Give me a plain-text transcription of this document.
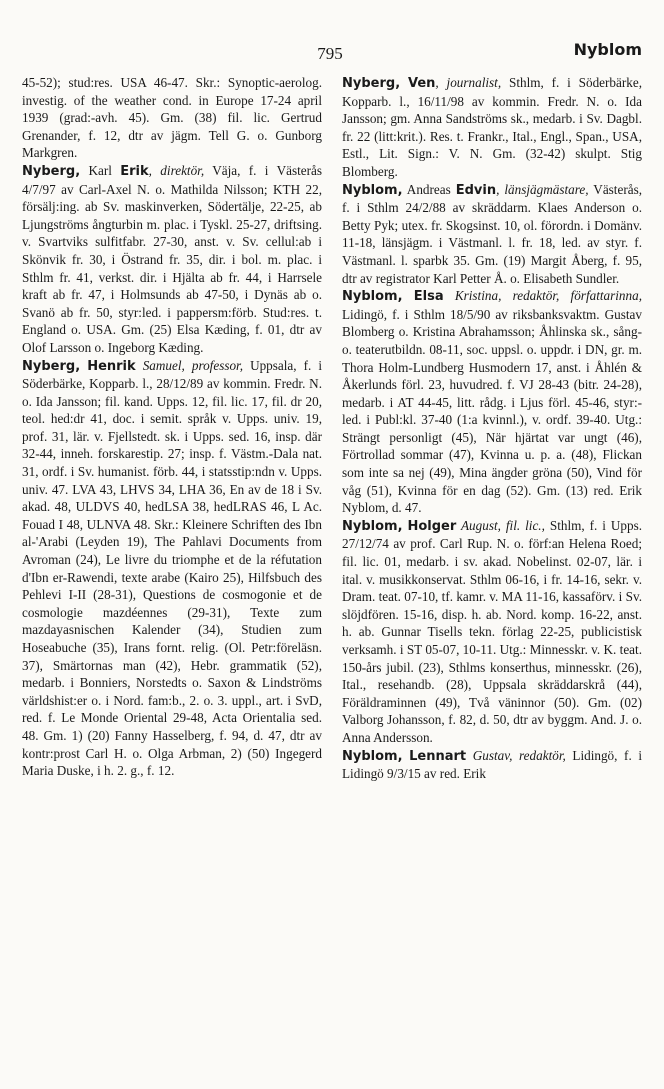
795	Nyblom

45-52); stud:res. USA 46-47. Skr.: Synoptic-aerolog. investig. of the weather cond. in Europe 17-24 april 1939 (grad:-avh. 45). Gm. (38) fil. lic. Gertrud Grenander, f. 12, dtr av jägm. Tell G. o. Gunborg Markgren.

Nyberg, Karl Erik, direktör, Väja, f. i Västerås 4/7/97 av Carl-Axel N. o. Mathilda Nilsson; KTH 22, försälj:ing. ab Sv. maskinverken, Södertälje, 22-25, ab Ljungströms ångturbin m. plac. i Tyskl. 25-27, driftsing. v. Svartviks sulfitfabr. 27-30, anst. v. Sv. cellul:ab i Skönvik fr. 30, i Östrand fr. 35, dir. i bol. m. plac. i Sthlm fr. 41, verkst. dir. i Hjälta ab fr. 44, i Harrsele kraft ab fr. 47, i Holmsunds ab 47-50, i Dynäs ab o. Svanö ab fr. 50, styr:led. i pappersm:förb. Stud:res. t. England o. USA. Gm. (25) Elsa Kæding, f. 01, dtr av Olof Larsson o. Ingeborg Kæding.

Nyberg, Henrik Samuel, professor, Uppsala, f. i Söderbärke, Kopparb. l., 28/12/89 av kommin. Fredr. N. o. Ida Jansson; fil. kand. Upps. 12, fil. lic. 17, fil. dr 20, teol. hed:dr 41, doc. i semit. språk v. Upps. univ. 19, prof. 31, lär. v. Fjellstedt. sk. i Upps. sed. 16, insp. där 32-44, inneh. forskarestip. 27; insp. f. Västm.-Dala nat. 31, ordf. i Sv. humanist. förb. 44, i statsstip:ndn v. Upps. univ. 47. LVA 43, LHVS 34, LHA 36, En av de 18 i Sv. akad. 48, ULDVS 40, hedLSA 38, hedLRAS 46, L Ac. Fouad I 48, ULNVA 48. Skr.: Kleinere Schriften des Ibn al-'Arabi (Leyden 19), The Pahlavi Documents from Avroman (24), Le livre du triomphe et de la réfutation d'Ibn er-Rawendi, texte arabe (Kairo 25), Hilfsbuch des Pehlevi I-II (28-31), Questions de cosmogonie et de cosmologie mazdéennes (29-31), Texte zum mazdayasnischen Kalender (34), Studien zum Hoseabuche (35), Irans fornt. relig. (Ol. Petr:föreläsn. 37), Smärtornas man (42), Hebr. grammatik (52), medarb. i Bonniers, Norstedts o. Saxon & Lindströms världshist:er o. i Nord. fam:b., 2. o. 3. uppl., art. i SvD, red. f. Le Monde Oriental 29-48, Acta Orientalia sed. 48. Gm. 1) (20) Fanny Hasselberg, f. 94, d. 47, dtr av kontr:prost Carl H. o. Olga Arbman, 2) (50) Ingegerd Maria Duske, i h. 2. g., f. 12.

Nyberg, Ven, journalist, Sthlm, f. i Söderbärke, Kopparb. l., 16/11/98 av kommin. Fredr. N. o. Ida Jansson; gm. Anna Sandströms sk., medarb. i Sv. Dagbl. fr. 22 (litt:krit.). Res. t. Frankr., Ital., Engl., Span., USA, Estl., Lit. Sign.: V. N. Gm. (32-42) skulpt. Stig Blomberg.

Nyblom, Andreas Edvin, länsjägmästare, Västerås, f. i Sthlm 24/2/88 av skräddarm. Klaes Anderson o. Betty Pyk; utex. fr. Skogsinst. 10, ol. förordn. i Domänv. 11-18, länsjägm. i Västmanl. l. fr. 18, led. av styr. f. Västmanl. l. sparbk 35. Gm. (19) Margit Åberg, f. 95, dtr av registrator Karl Petter Å. o. Elisabeth Sundler.

Nyblom, Elsa Kristina, redaktör, författarinna, Lidingö, f. i Sthlm 18/5/90 av riksbanksvaktm. Gustav Blomberg o. Kristina Abrahamsson; Åhlinska sk., sång- o. teaterutbildn. 08-11, soc. uppsl. o. uppdr. i DN, gr. m. Thora Holm-Lundberg Husmodern 17, anst. i Åhlén & Åkerlunds förl. 23, huvudred. f. VJ 28-43 (bitr. 24-28), medarb. i AT 44-45, litt. rådg. i Ljus förl. 45-46, styr:-led. i Publ:kl. 37-40 (1:a kvinnl.), v. ordf. 39-40. Utg.: Strängt personligt (45), När hjärtat var ungt (46), Förtrollad sommar (47), Kvinna u. p. a. (48), Flickan som inte sa nej (49), Mina ängder gröna (50), Vind för våg (51), Kvinna för en dag (52). Gm. (13) red. Erik Nyblom, d. 47.

Nyblom, Holger August, fil. lic., Sthlm, f. i Upps. 27/12/74 av prof. Carl Rup. N. o. förf:an Helena Roed; fil. lic. 01, medarb. i sv. akad. Nobelinst. 02-07, lär. i ital. v. musikkonservat. Sthlm 06-16, i fr. 14-16, sekr. v. Dram. teat. 07-10, tf. kamr. v. MA 11-16, kassaförv. i Sv. slöjdfören. 15-16, disp. h. ab. Nord. komp. 16-22, anst. h. ab. Gunnar Tisells tekn. förlag 22-25, publicistisk verksamh. i ST 05-07, 10-11. Utg.: Minnesskr. v. K. teat. 150-års jubil. (23), Sthlms konserthus, minnesskr. (26), Ital., resehandb. (28), Uppsala skräddarskrå (44), Föräldraminnen (49), Två väninnor (50). Gm. (02) Valborg Johansson, f. 82, d. 50, dtr av byggm. And. J. o. Anna Andersson.

Nyblom, Lennart Gustav, redaktör, Lidingö, f. i Lidingö 9/3/15 av red. Erik
